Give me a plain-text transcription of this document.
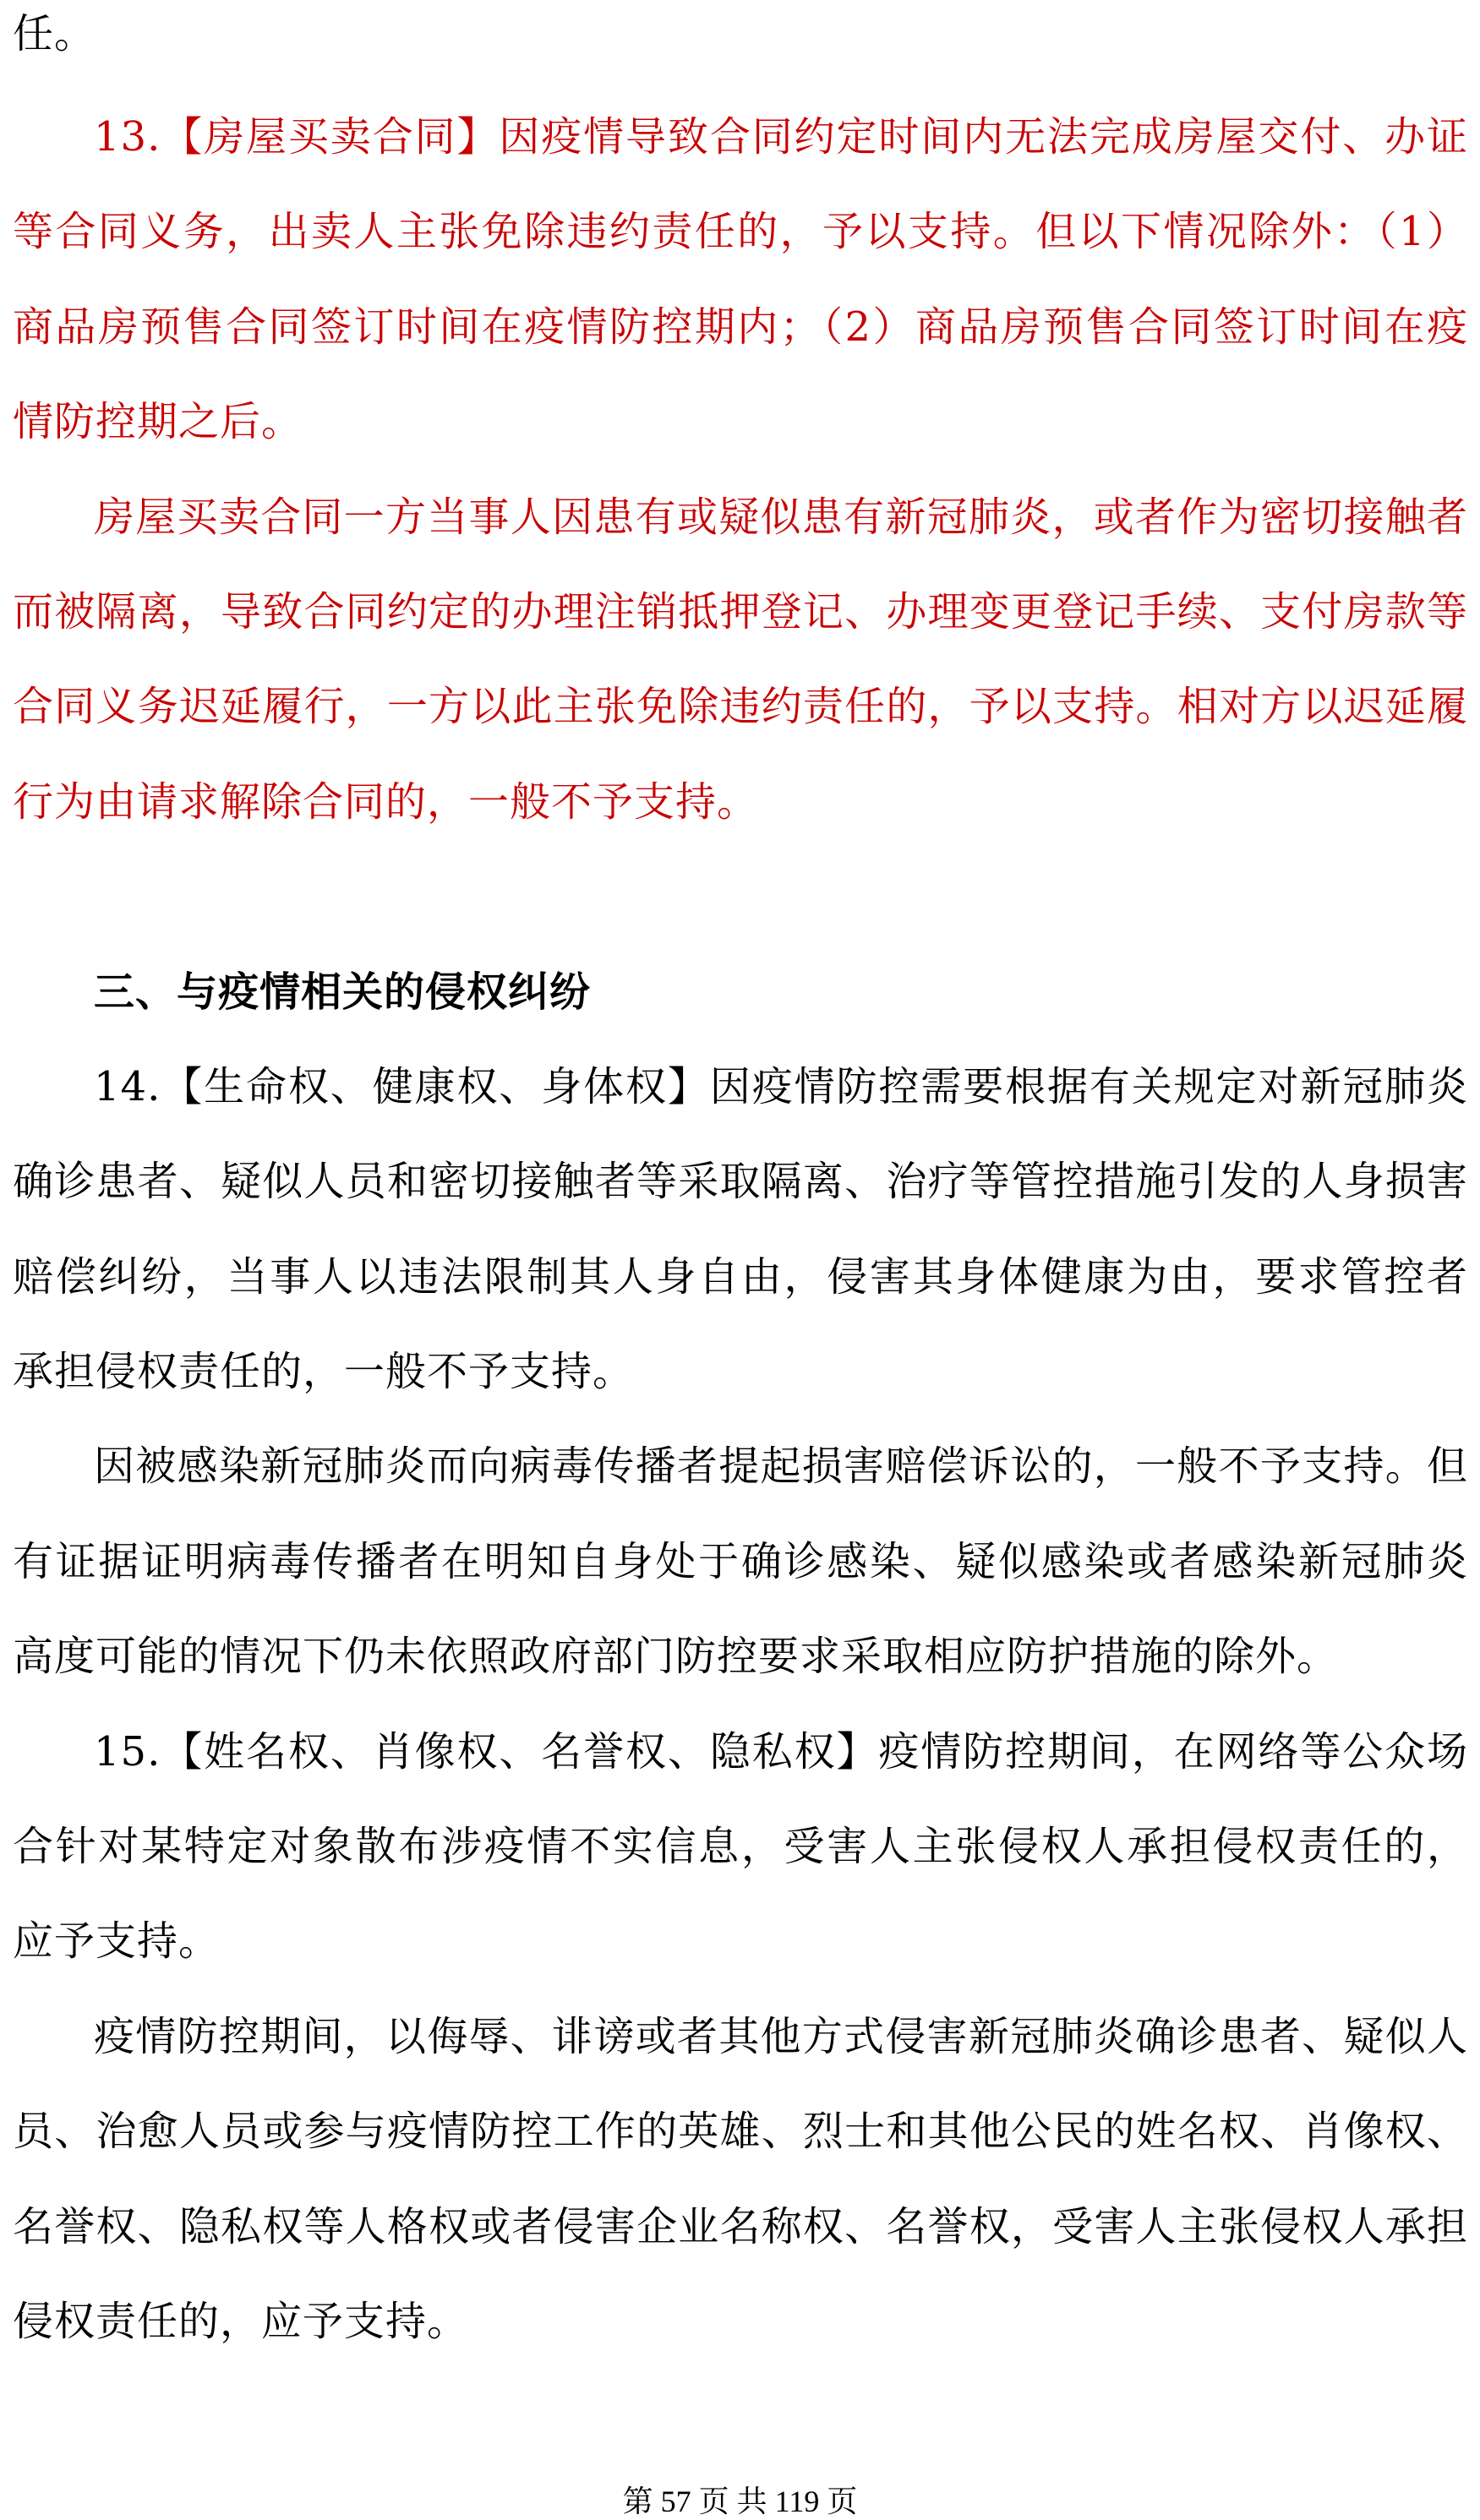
任。
13.【房屋买卖合同】因疫情导致合同约定时间内无法完成房屋交付、办证
等合同义务，出卖人主张免除违约责任的，予以支持。但以下情况除外：（1）
商品房预售合同签订时间在疫情防控期内；（2）商品房预售合同签订时间在疫
情防控期之后。
房屋买卖合同一方当事人因患有或疑似患有新冠肺炎，或者作为密切接触者
而被隔离，导致合同约定的办理注销抵押登记、办理变更登记手续、支付房款等
合同义务迟延履行，一方以此主张免除违约责任的，予以支持。相对方以迟延履
行为由请求解除合同的，一般不予支持。
三、与疫情相关的侵权纠纷
14.【生命权、健康权、身体权】因疫情防控需要根据有关规定对新冠肺炎
确诊患者、疑似人员和密切接触者等采取隔离、治疗等管控措施引发的人身损害
赔偿纠纷，当事人以违法限制其人身自由，侵害其身体健康为由，要求管控者
承担侵权责任的，一般不予支持。
因被感染新冠肺炎而向病毒传播者提起损害赔偿诉讼的，一般不予支持。但
有证据证明病毒传播者在明知自身处于确诊感染、疑似感染或者感染新冠肺炎
高度可能的情况下仍未依照政府部门防控要求采取相应防护措施的除外。
15.【姓名权、肖像权、名誉权、隐私权】疫情防控期间，在网络等公众场
合针对某特定对象散布涉疫情不实信息，受害人主张侵权人承担侵权责任的，
应予支持。
疫情防控期间，以侮辱、诽谤或者其他方式侵害新冠肺炎确诊患者、疑似人
员、治愈人员或参与疫情防控工作的英雄、烈士和其他公民的姓名权、肖像权、
名誉权、隐私权等人格权或者侵害企业名称权、名誉权，受害人主张侵权人承担
侵权责任的，应予支持。
第 57 页 共 119 页
